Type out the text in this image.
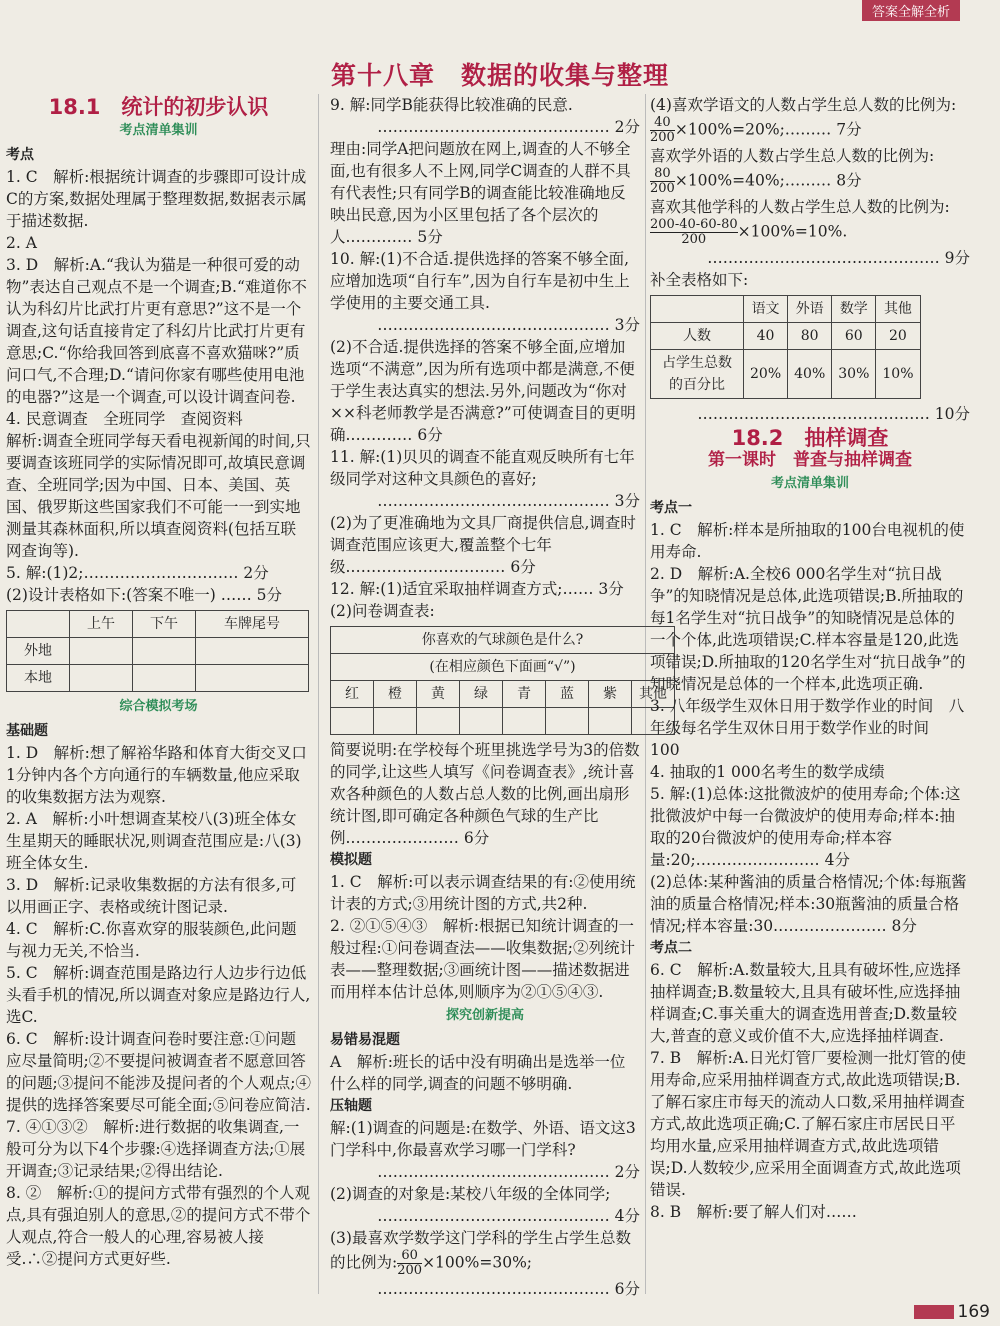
答案全解全析
第十八章　数据的收集与整理
18.1　统计的初步认识
考点清单集训
考点

1. C　解析:根据统计调查的步骤即可设计成C的方案,数据处理属于整理数据,数据表示属于描述数据.

2. A

3. D　解析:A.“我认为猫是一种很可爱的动物”表达自己观点不是一个调查;B.“难道你不认为科幻片比武打片更有意思?”这不是一个调查,这句话直接肯定了科幻片比武打片更有意思;C.“你给我回答到底喜不喜欢猫咪?”质问口气,不合理;D.“请问你家有哪些使用电池的电器?”这是一个调查,可以设计调查问卷.

4. 民意调查　全班同学　查阅资料

解析:调查全班同学每天看电视新闻的时间,只要调查该班同学的实际情况即可,故填民意调查、全班同学;因为中国、日本、美国、英国、俄罗斯这些国家我们不可能一一到实地测量其森林面积,所以填查阅资料(包括互联网查询等).

5. 解:(1)2;………………………… 2分

(2)设计表格如下:(答案不唯一) …… 5分

	上午	下午	车牌尾号
外地			
本地			
综合模拟考场
基础题

1. D　解析:想了解裕华路和体育大街交叉口1分钟内各个方向通行的车辆数量,他应采取的收集数据方法为观察.

2. A　解析:小叶想调查某校八(3)班全体女生星期天的睡眠状况,则调查范围应是:八(3)班全体女生.

3. D　解析:记录收集数据的方法有很多,可以用画正字、表格或统计图记录.

4. C　解析:C.你喜欢穿的服装颜色,此问题与视力无关,不恰当.

5. C　解析:调查范围是路边行人边步行边低头看手机的情况,所以调查对象应是路边行人,选C.

6. C　解析:设计调查问卷时要注意:①问题应尽量简明;②不要提问被调查者不愿意回答的问题;③提问不能涉及提问者的个人观点;④提供的选择答案要尽可能全面;⑤问卷应简洁.

7. ④①③②　解析:进行数据的收集调查,一般可分为以下4个步骤:④选择调查方法;①展开调查;③记录结果;②得出结论.

8. ②　解析:①的提问方式带有强烈的个人观点,具有强迫别人的意思,②的提问方式不带个人观点,符合一般人的心理,容易被人接受.∴②提问方式更好些.

9. 解:同学B能获得比较准确的民意.

……………………………………… 2分

理由:同学A把问题放在网上,调查的人不够全面,也有很多人不上网,同学C调查的人群不具有代表性;只有同学B的调查能比较准确地反映出民意,因为小区里包括了各个层次的人.………… 5分

10. 解:(1)不合适.提供选择的答案不够全面,应增加选项“自行车”,因为自行车是初中生上学使用的主要交通工具.

……………………………………… 3分

(2)不合适.提供选择的答案不够全面,应增加选项“不满意”,因为所有选项中都是满意,不便于学生表达真实的想法.另外,问题改为“你对××科老师教学是否满意?”可使调查目的更明确.………… 6分

11. 解:(1)贝贝的调查不能直观反映所有七年级同学对这种文具颜色的喜好;

……………………………………… 3分

(2)为了更准确地为文具厂商提供信息,调查时调查范围应该更大,覆盖整个七年级.………………………… 6分

12. 解:(1)适宜采取抽样调查方式;…… 3分

(2)问卷调查表:

你喜欢的气球颜色是什么?							
(在相应颜色下面画“√”)							
红	橙	黄	绿	青	蓝	紫	其他

简要说明:在学校每个班里挑选学号为3的倍数的同学,让这些人填写《问卷调查表》,统计喜欢各种颜色的人数占总人数的比例,画出扇形统计图,即可确定各种颜色气球的生产比例.………………… 6分

模拟题

1. C　解析:可以表示调查结果的有:②使用统计表的方式;③用统计图的方式,共2种.

2. ②①⑤④③　解析:根据已知统计调查的一般过程:①问卷调查法——收集数据;②列统计表——整理数据;③画统计图——描述数据进而用样本估计总体,则顺序为②①⑤④③.

探究创新提高
易错易混题

A　解析:班长的话中没有明确出是选举一位什么样的同学,调查的问题不够明确.

压轴题

解:(1)调查的问题是:在数学、外语、语文这3门学科中,你最喜欢学习哪一门学科?

……………………………………… 2分

(2)调查的对象是:某校八年级的全体同学;

……………………………………… 4分

(3)最喜欢学数学这门学科的学生占学生总数的比例为: $\frac{60}{200} \times 100\%=30\%$;

……………………………………… 6分

(4)喜欢学语文的人数占学生总人数的比例为:

$\frac{40}{200}$ ×100%=20%;……… 7分

喜欢学外语的人数占学生总人数的比例为:

$\frac{80}{200}$ ×100%=40%;……… 8分

喜欢其他学科的人数占学生总人数的比例为:

$\frac{200-40-60-80}{200} \times 100\%=10\%$.

……………………………………… 9分

补全表格如下:

	语文	外语	数学	其他
人数	40	80	60	20
占学生总数的百分比	20%	40%	30%	10%

……………………………………… 10分

18.2　抽样调查
第一课时　普查与抽样调查
考点清单集训
考点一

1. C　解析:样本是所抽取的100台电视机的使用寿命.

2. D　解析:A.全校6 000名学生对“抗日战争”的知晓情况是总体,此选项错误;B.所抽取的每1名学生对“抗日战争”的知晓情况是总体的一个个体,此选项错误;C.样本容量是120,此选项错误;D.所抽取的120名学生对“抗日战争”的知晓情况是总体的一个样本,此选项正确.

3. 八年级学生双休日用于数学作业的时间　八年级每名学生双休日用于数学作业的时间　100

4. 抽取的1 000名考生的数学成绩

5. 解:(1)总体:这批微波炉的使用寿命;个体:这批微波炉中每一台微波炉的使用寿命;样本:抽取的20台微波炉的使用寿命;样本容量:20;…………………… 4分

(2)总体:某种酱油的质量合格情况;个体:每瓶酱油的质量合格情况;样本:30瓶酱油的质量合格情况;样本容量:30.………………… 8分

考点二

6. C　解析:A.数量较大,且具有破坏性,应选择抽样调查;B.数量较大,且具有破坏性,应选择抽样调查;C.事关重大的调查选用普查;D.数量较大,普查的意义或价值不大,应选择抽样调查.

7. B　解析:A.日光灯管厂要检测一批灯管的使用寿命,应采用抽样调查方式,故此选项错误;B.了解石家庄市每天的流动人口数,采用抽样调查方式,故此选项正确;C.了解石家庄市居民日平均用水量,应采用抽样调查方式,故此选项错误;D.人数较少,应采用全面调查方式,故此选项错误.

8. B　解析:要了解人们对……

169
